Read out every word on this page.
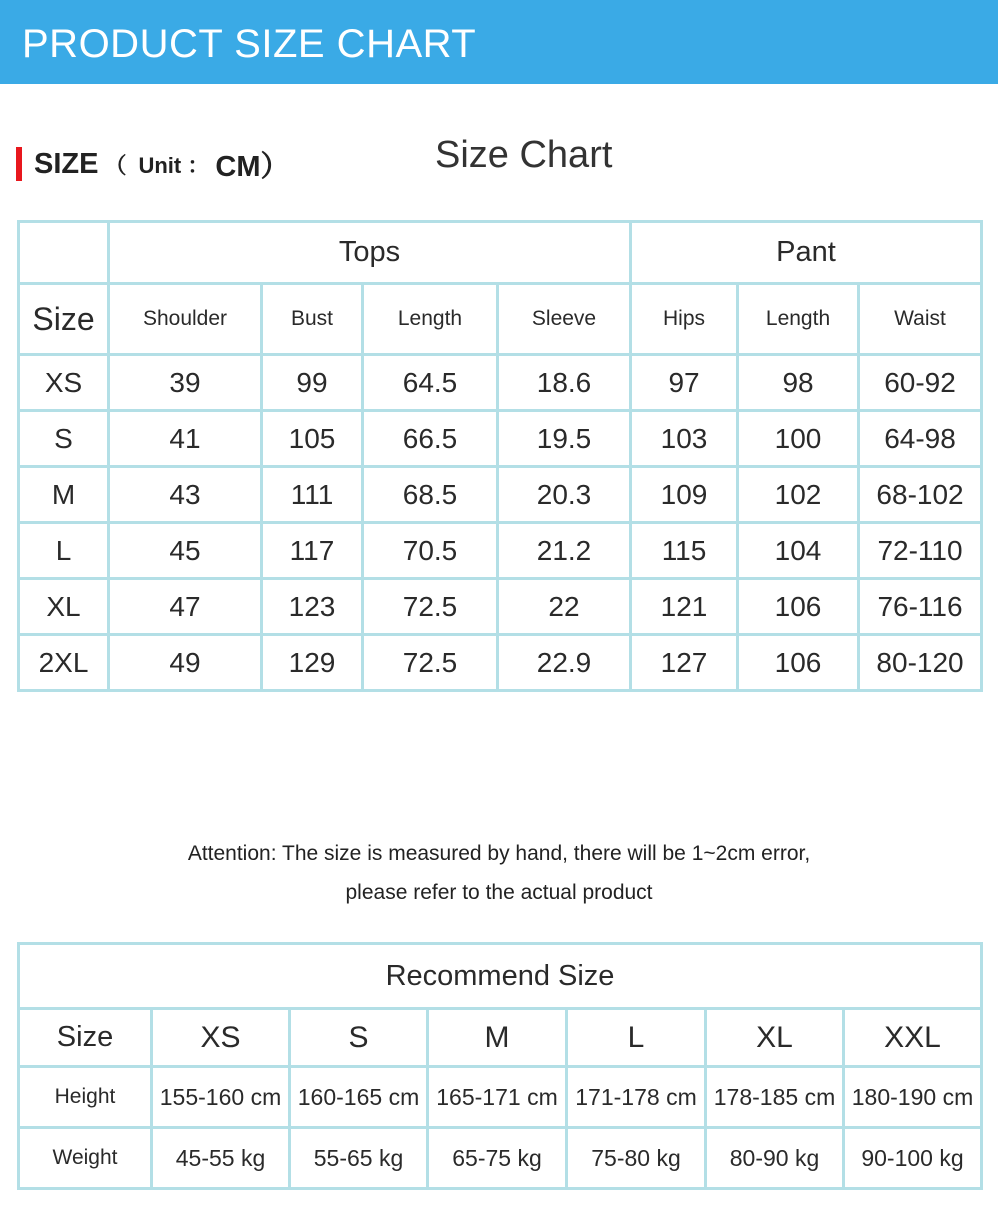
PRODUCT SIZE CHART
SIZE （ Unit ： CM）	Size Chart
	Tops				Pant		
Size	Shoulder	Bust	Length	Sleeve	Hips	Length	Waist
XS	39	99	64.5	18.6	97	98	60-92
S	41	105	66.5	19.5	103	100	64-98
M	43	111	68.5	20.3	109	102	68-102
L	45	117	70.5	21.2	115	104	72-110
XL	47	123	72.5	22	121	106	76-116
2XL	49	129	72.5	22.9	127	106	80-120
Attention: The size is measured by hand, there will be 1~2cm error,
please refer to the actual product
Recommend Size						
Size	XS	S	M	L	XL	XXL
Height	155-160 cm	160-165 cm	165-171 cm	171-178 cm	178-185 cm	180-190 cm
Weight	45-55 kg	55-65 kg	65-75 kg	75-80 kg	80-90 kg	90-100 kg
